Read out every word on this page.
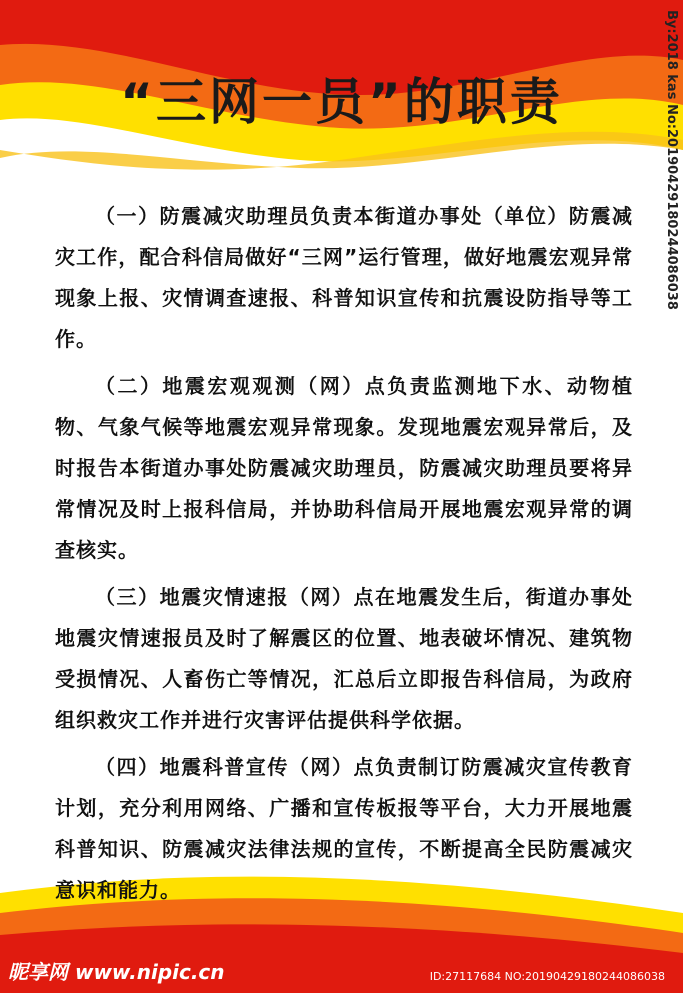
“三网一员”的职责

（一）防震减灾助理员负责本街道办事处（单位）防震减灾工作，配合科信局做好“三网”运行管理，做好地震宏观异常现象上报、灾情调查速报、科普知识宣传和抗震设防指导等工作。

（二）地震宏观观测（网）点负责监测地下水、动物植物、气象气候等地震宏观异常现象。发现地震宏观异常后，及时报告本街道办事处防震减灾助理员，防震减灾助理员要将异常情况及时上报科信局，并协助科信局开展地震宏观异常的调查核实。

（三）地震灾情速报（网）点在地震发生后，街道办事处地震灾情速报员及时了解震区的位置、地表破坏情况、建筑物受损情况、人畜伤亡等情况，汇总后立即报告科信局，为政府组织救灾工作并进行灾害评估提供科学依据。

（四）地震科普宣传（网）点负责制订防震减灾宣传教育计划，充分利用网络、广播和宣传板报等平台，大力开展地震科普知识、防震减灾法律法规的宣传，不断提高全民防震减灾意识和能力。

By:2018 kas No:20190429180244086038
www.nipic.com
昵享网 www.nipic.cn	ID:27117684 NO:20190429180244086038
